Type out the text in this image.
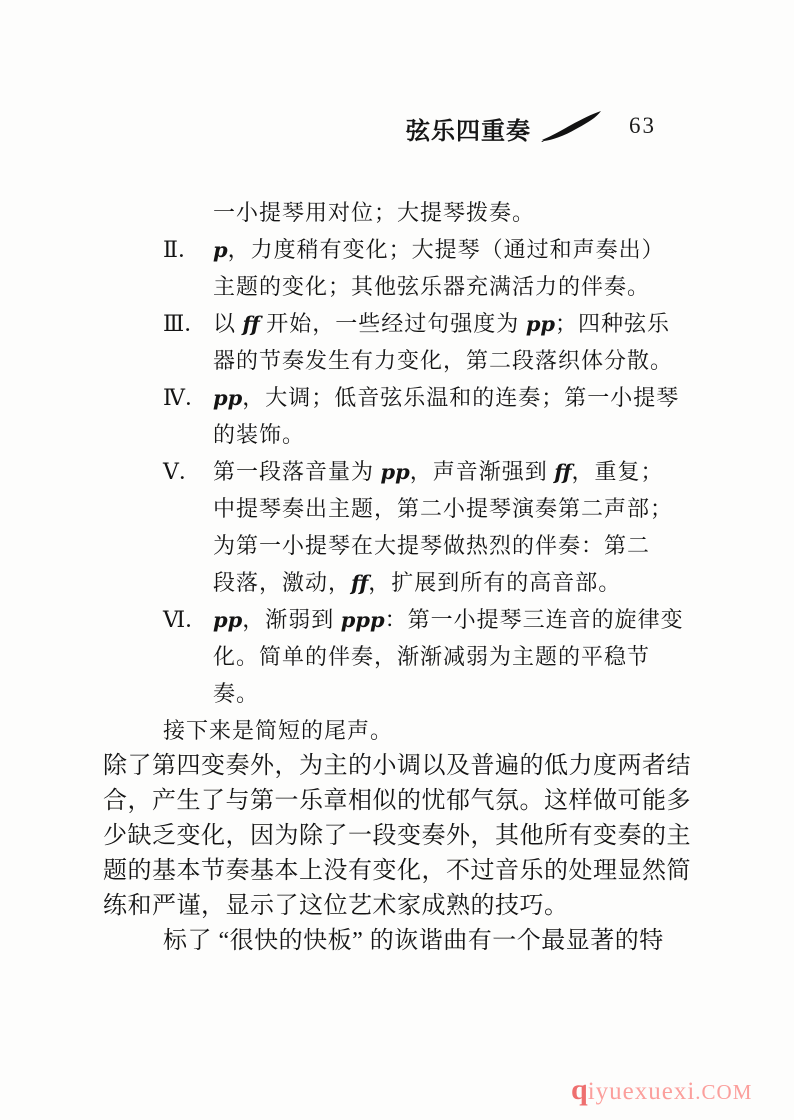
弦乐四重奏	63
一小提琴用对位；大提琴拨奏。
Ⅱ． p，力度稍有变化；大提琴（通过和声奏出）
主题的变化；其他弦乐器充满活力的伴奏。
Ⅲ． 以 ff 开始，一些经过句强度为 pp；四种弦乐
器的节奏发生有力变化，第二段落织体分散。
Ⅳ． pp，大调；低音弦乐温和的连奏；第一小提琴
的装饰。
Ⅴ． 第一段落音量为 pp，声音渐强到 ff，重复；
中提琴奏出主题，第二小提琴演奏第二声部；
为第一小提琴在大提琴做热烈的伴奏：第二
段落，激动，ff，扩展到所有的高音部。
Ⅵ． pp，渐弱到 ppp：第一小提琴三连音的旋律变
化。简单的伴奏，渐渐减弱为主题的平稳节
奏。
接下来是简短的尾声。
除了第四变奏外，为主的小调以及普遍的低力度两者结
合，产生了与第一乐章相似的忧郁气氛。这样做可能多
少缺乏变化，因为除了一段变奏外，其他所有变奏的主
题的基本节奏基本上没有变化，不过音乐的处理显然简
练和严谨，显示了这位艺术家成熟的技巧。
标了 “很快的快板” 的诙谐曲有一个最显著的特
qiyuexuexi.COM
